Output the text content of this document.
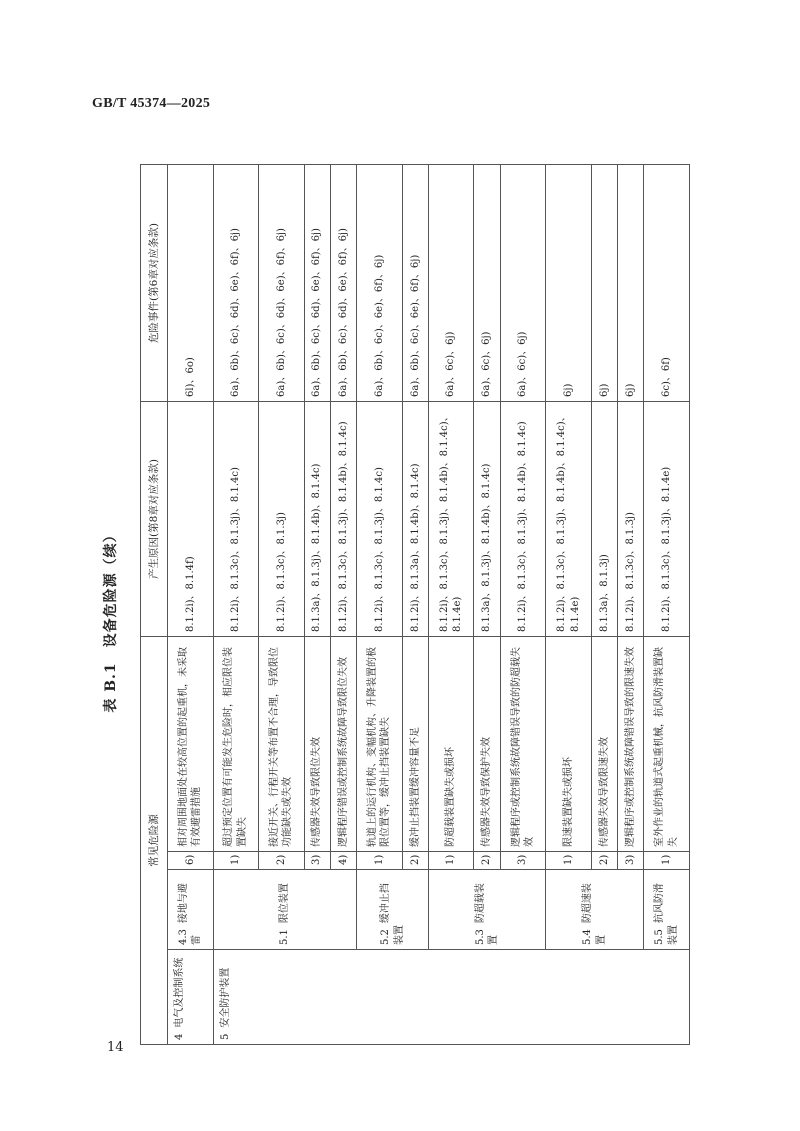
GB/T 45374—2025
表 B.1　设备危险源（续）
14
常见危险源				产生原因(第8章对应条款)	危险事件(第6章对应条款)
4电气及控制系统	4.3接地与避雷	6)	相对周围地面处在较高位置的起重机，未采取有效避雷措施	8.1.2i)、8.1.4f)	6l)、6o)
5安全防护装置	5.1限位装置	1)	超过预定位置有可能发生危险时，相应限位装置缺失	8.1.2i)、8.1.3c)、8.1.3j)、8.1.4c)	6a)、6b)、6c)、6d)、6e)、6f)、6j)
		2)	接近开关、行程开关等布置不合理，导致限位功能缺失或失效	8.1.2i)、8.1.3c)、8.1.3j)	6a)、6b)、6c)、6d)、6e)、6f)、6j)
		3)	传感器失效导致限位失效	8.1.3a)、8.1.3j)、8.1.4b)、8.1.4c)	6a)、6b)、6c)、6d)、6e)、6f)、6j)
		4)	逻辑程序错误或控制系统故障导致限位失效	8.1.2i)、8.1.3c)、8.1.3j)、8.1.4b)、8.1.4c)	6a)、6b)、6c)、6d)、6e)、6f)、6j)
	5.2缓冲止挡装置	1)	轨道上的运行机构、变幅机构、升降装置的极限位置等，缓冲止挡装置缺失	8.1.2i)、8.1.3c)、8.1.3j)、8.1.4c)	6a)、6b)、6c)、6e)、6f)、6j)
		2)	缓冲止挡装置缓冲容量不足	8.1.2i)、8.1.3a)、8.1.4b)、8.1.4c)	6a)、6b)、6c)、6e)、6f)、6j)
	5.3防超载装置	1)	防超载装置缺失或损坏	8.1.2i)、8.1.3c)、8.1.3j)、8.1.4b)、8.1.4c)、8.1.4e)	6a)、6c)、6j)
		2)	传感器失效导致保护失效	8.1.3a)、8.1.3j)、8.1.4b)、8.1.4c)	6a)、6c)、6j)
		3)	逻辑程序或控制系统故障错误导致的防超载失效	8.1.2i)、8.1.3c)、8.1.3j)、8.1.4b)、8.1.4c)	6a)、6c)、6j)
	5.4防超速装置	1)	限速装置缺失或损坏	8.1.2i)、8.1.3c)、8.1.3j)、8.1.4b)、8.1.4c)、8.1.4e)	6j)
		2)	传感器失效导致限速失效	8.1.3a)、8.1.3j)	6j)
		3)	逻辑程序或控制系统故障错误导致的限速失效	8.1.2i)、8.1.3c)、8.1.3j)	6j)
	5.5抗风防滑装置	1)	室外作业的轨道式起重机械，抗风防滑装置缺失	8.1.2i)、8.1.3c)、8.1.3j)、8.1.4e)	6c)、6f)
